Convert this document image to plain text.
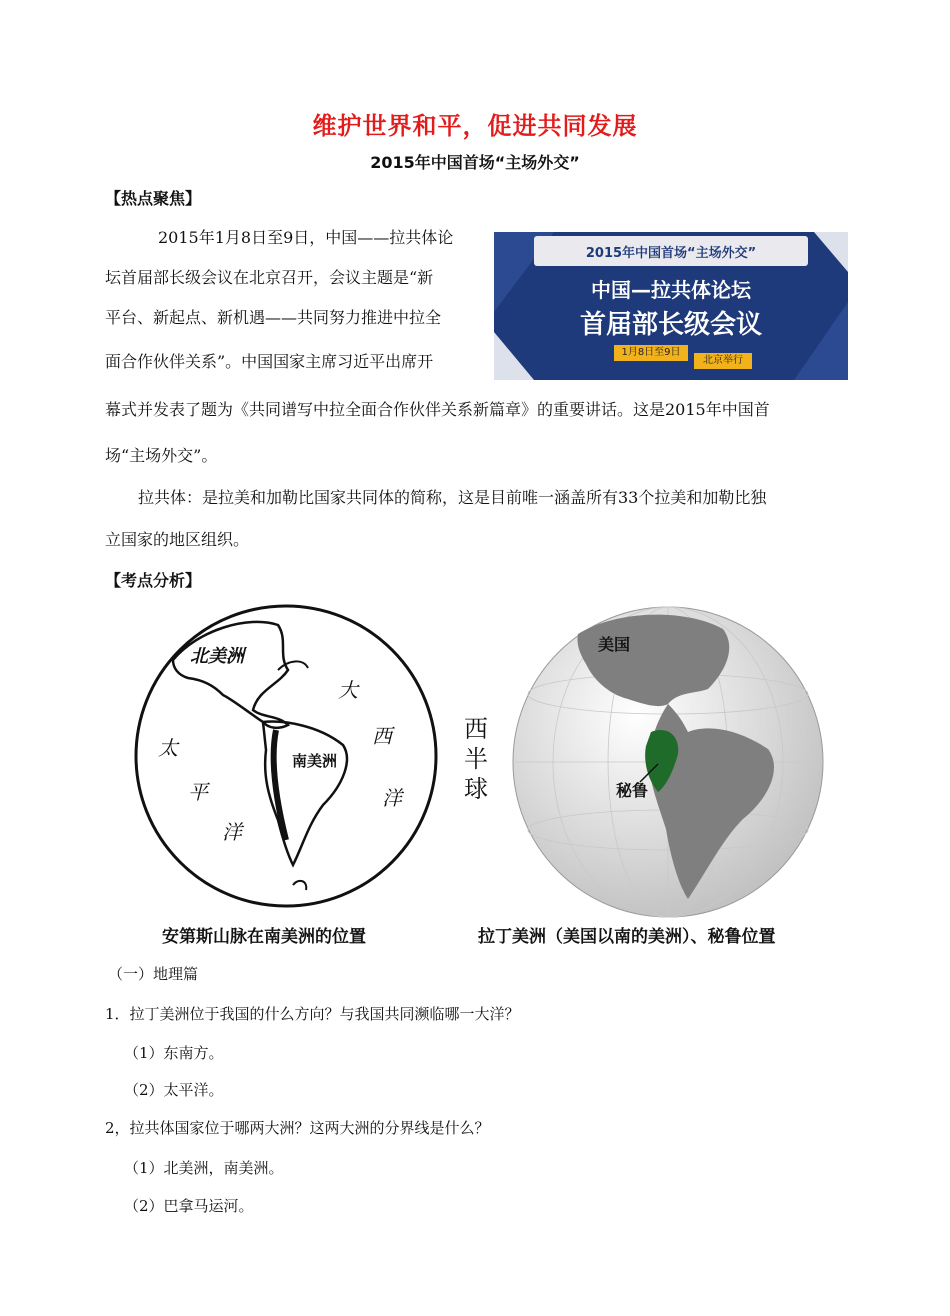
维护世界和平，促进共同发展
2015年中国首场“主场外交”
【热点聚焦】
2015年1月8日至9日，中国——拉共体论
坛首届部长级会议在北京召开，会议主题是“新
平台、新起点、新机遇——共同努力推进中拉全
面合作伙伴关系”。中国国家主席习近平出席开
幕式并发表了题为《共同谱写中拉全面合作伙伴关系新篇章》的重要讲话。这是2015年中国首
场“主场外交”。
拉共体：是拉美和加勒比国家共同体的简称，这是目前唯一涵盖所有33个拉美和加勒比独
立国家的地区组织。
2015年中国首场“主场外交”
中国—拉共体论坛
首届部长级会议
1月8日至9日
北京举行
【考点分析】
北美洲
南美洲
大
西
洋
太
平
洋
西
半
球
美国
秘鲁
安第斯山脉在南美洲的位置	拉丁美洲（美国以南的美洲）、秘鲁位置
（一）地理篇
1．拉丁美洲位于我国的什么方向？与我国共同濒临哪一大洋？
（1）东南方。
（2）太平洋。
2，拉共体国家位于哪两大洲？这两大洲的分界线是什么？
（1）北美洲，南美洲。
（2）巴拿马运河。
